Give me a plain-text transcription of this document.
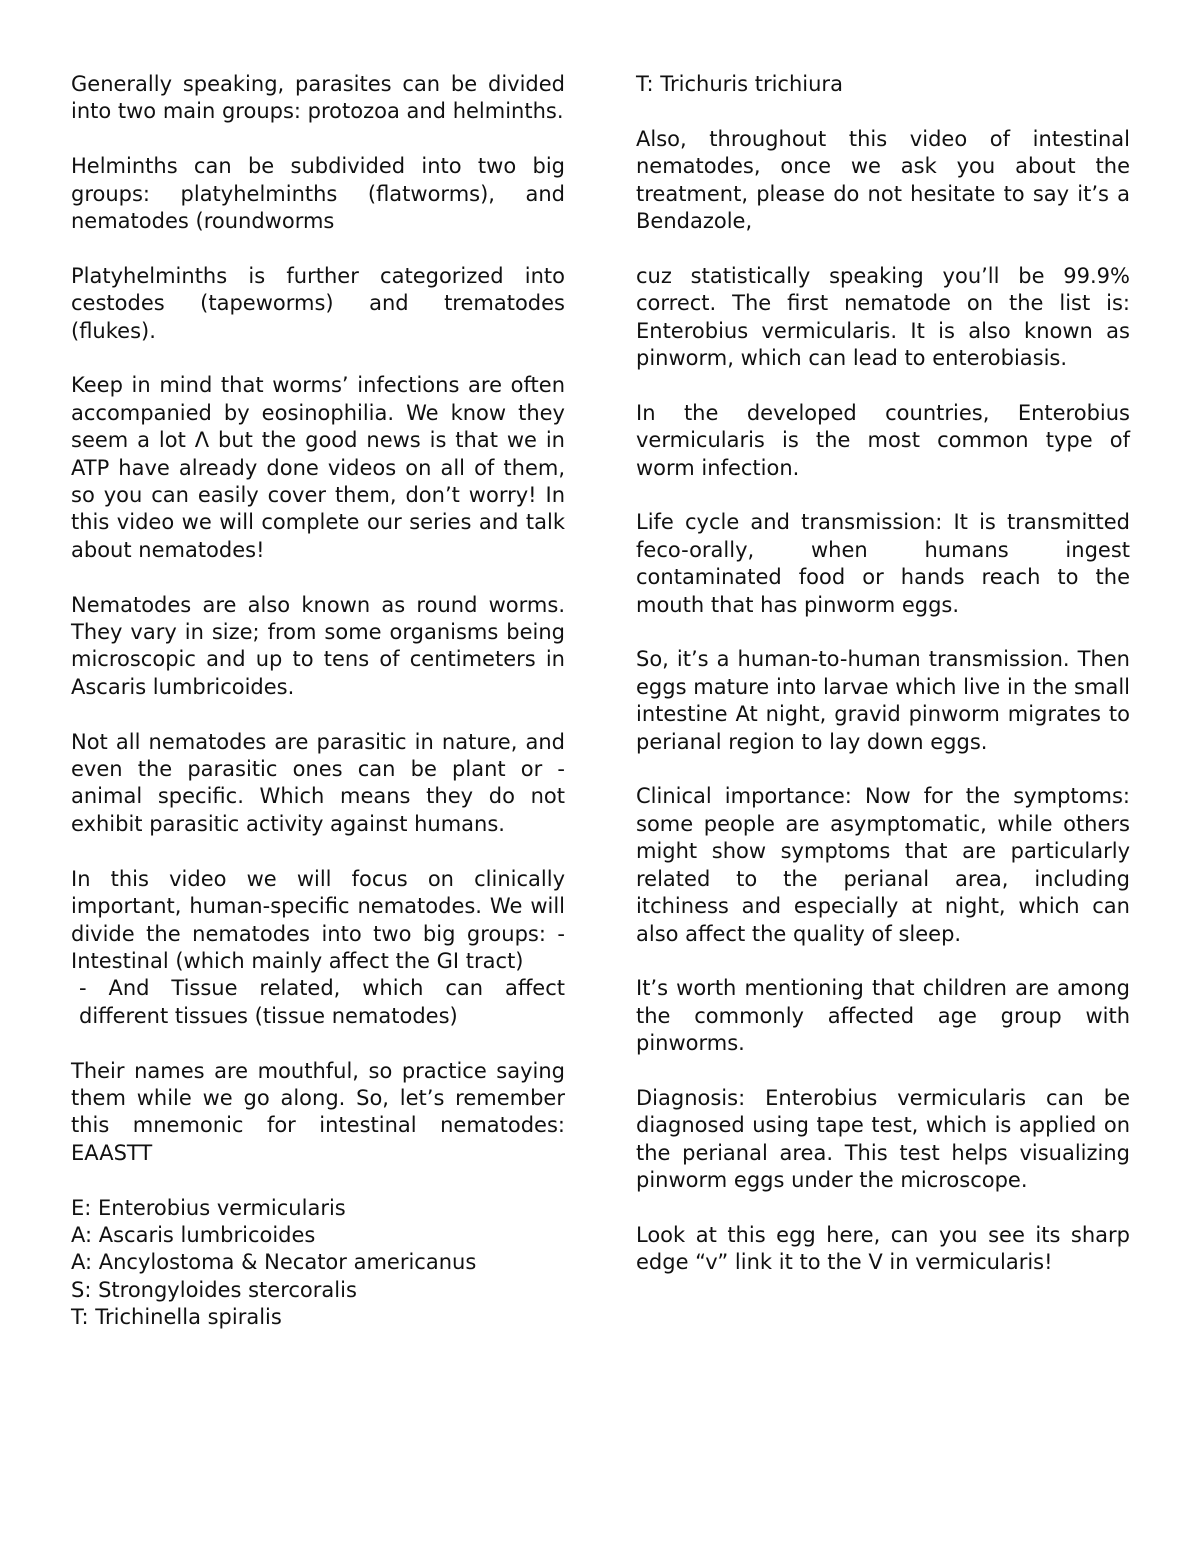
Generally speaking, parasites can be divided into two main groups: protozoa and helminths.

Helminths can be subdivided into two big groups: platyhelminths (flatworms), and nematodes (roundworms

Platyhelminths is further categorized into cestodes (tapeworms) and trematodes (flukes).

Keep in mind that worms’ infections are often accompanied by eosinophilia. We know they seem a lot Λ but the good news is that we in ATP have already done videos on all of them, so you can easily cover them, don’t worry! In this video we will complete our series and talk about nematodes!

Nematodes are also known as round worms. They vary in size; from some organisms being microscopic and up to tens of centimeters in Ascaris lumbricoides.

Not all nematodes are parasitic in nature, and even the parasitic ones can be plant or -animal specific. Which means they do not exhibit parasitic activity against humans.

In this video we will focus on clinically important, human-specific nematodes. We will divide the nematodes into two big groups: - Intestinal (which mainly affect the GI tract)
- And Tissue related, which can affect different tissues (tissue nematodes)

Their names are mouthful, so practice saying them while we go along. So, let’s remember this mnemonic for intestinal nematodes: EAASTT

E: Enterobius vermicularis
A: Ascaris lumbricoides
A: Ancylostoma & Necator americanus
S: Strongyloides stercoralis
T: Trichinella spiralis

T: Trichuris trichiura

Also, throughout this video of intestinal nematodes, once we ask you about the treatment, please do not hesitate to say it’s a Bendazole,

cuz statistically speaking you’ll be 99.9% correct. The first nematode on the list is: Enterobius vermicularis. It is also known as pinworm, which can lead to enterobiasis.

In the developed countries, Enterobius vermicularis is the most common type of worm infection.

Life cycle and transmission: It is transmitted feco-orally, when humans ingest contaminated food or hands reach to the mouth that has pinworm eggs.

So, it’s a human-to-human transmission. Then eggs mature into larvae which live in the small intestine At night, gravid pinworm migrates to perianal region to lay down eggs.

Clinical importance: Now for the symptoms: some people are asymptomatic, while others might show symptoms that are particularly related to the perianal area, including itchiness and especially at night, which can also affect the quality of sleep.

It’s worth mentioning that children are among the commonly affected age group with pinworms.

Diagnosis: Enterobius vermicularis can be diagnosed using tape test, which is applied on the perianal area. This test helps visualizing pinworm eggs under the microscope.

Look at this egg here, can you see its sharp edge “v” link it to the V in vermicularis!
